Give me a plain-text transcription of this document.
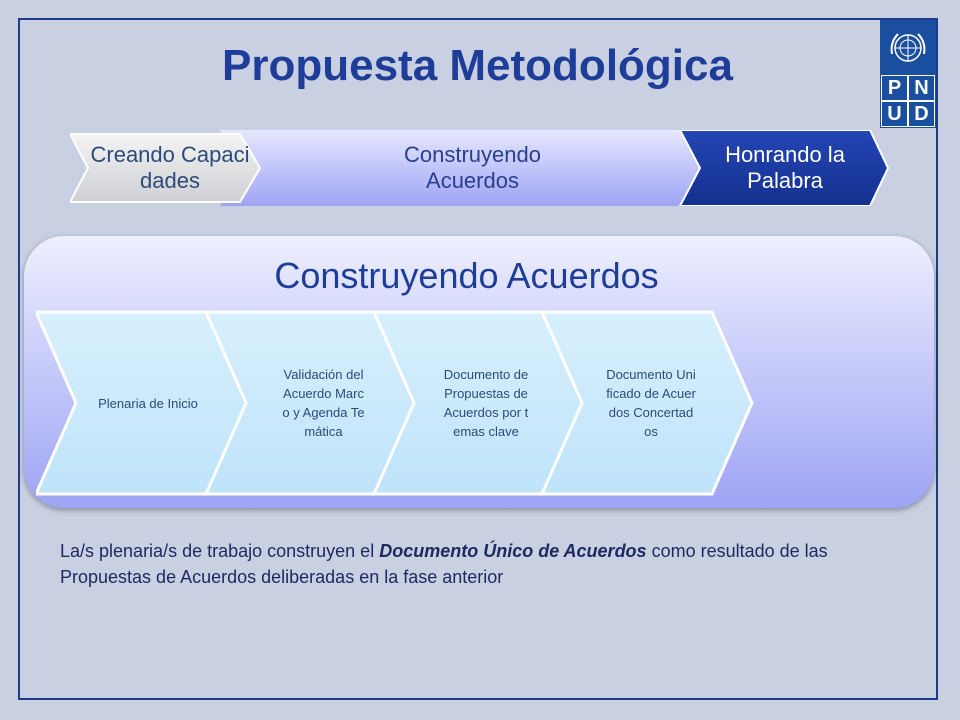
Propuesta Metodológica	P N
U D
Creando Capacidades
Construyendo Acuerdos
Honrando la Palabra
Construyendo Acuerdos
Plenaria de Inicio
Validación del Acuerdo Marco y Agenda Temática
Documento de Propuestas de Acuerdos por temas clave
Documento Unificado de Acuerdos Concertados
La/s plenaria/s de trabajo construyen el Documento Único de Acuerdos como resultado de las Propuestas de Acuerdos deliberadas en la fase anterior
